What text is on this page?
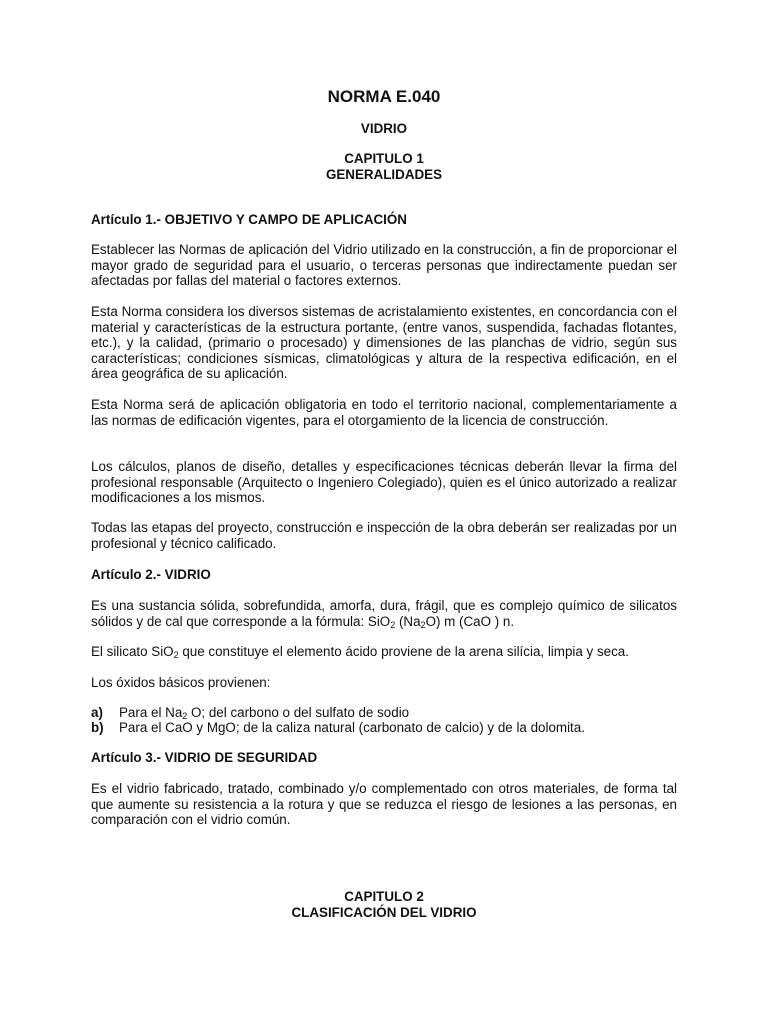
NORMA E.040
VIDRIO
CAPITULO 1
GENERALIDADES
Artículo 1.- OBJETIVO Y CAMPO DE APLICACIÓN

Establecer las Normas de aplicación del Vidrio utilizado en la construcción, a fin de proporcionar el mayor grado de seguridad para el usuario, o terceras personas que indirectamente puedan ser afectadas por fallas del material o factores externos.

Esta Norma considera los diversos sistemas de acristalamiento existentes, en concordancia con el material y características de la estructura portante, (entre vanos, suspendida, fachadas flotantes, etc.), y la calidad, (primario o procesado) y dimensiones de las planchas de vidrio, según sus características; condiciones sísmicas, climatológicas y altura de la respectiva edificación, en el área geográfica de su aplicación.

Esta Norma será de aplicación obligatoria en todo el territorio nacional, complementariamente a las normas de edificación vigentes, para el otorgamiento de la licencia de construcción.

Los cálculos, planos de diseño, detalles y especificaciones técnicas deberán llevar la firma del profesional responsable (Arquitecto o Ingeniero Colegiado), quien es el único autorizado a realizar modificaciones a los mismos.

Todas las etapas del proyecto, construcción e inspección de la obra deberán ser realizadas por un profesional y técnico calificado.

Artículo 2.- VIDRIO

Es una sustancia sólida, sobrefundida, amorfa, dura, frágil, que es complejo químico de silicatos sólidos y de cal que corresponde a la fórmula: SiO$_2$ $(Na_2O)$ m (CaO ) n.

El silicato SiO$_2$ que constituye el elemento ácido proviene de la arena silícia, limpia y seca.

Los óxidos básicos provienen:

a)	Para el $Na_2$ O; del carbono o del sulfato de sodio
b)	Para el CaO y MgO; de la caliza natural (carbonato de calcio) y de la dolomita.
Artículo 3.- VIDRIO DE SEGURIDAD

Es el vidrio fabricado, tratado, combinado y/o complementado con otros materiales, de forma tal que aumente su resistencia a la rotura y que se reduzca el riesgo de lesiones a las personas, en comparación con el vidrio común.

CAPITULO 2
CLASIFICACIÓN DEL VIDRIO
